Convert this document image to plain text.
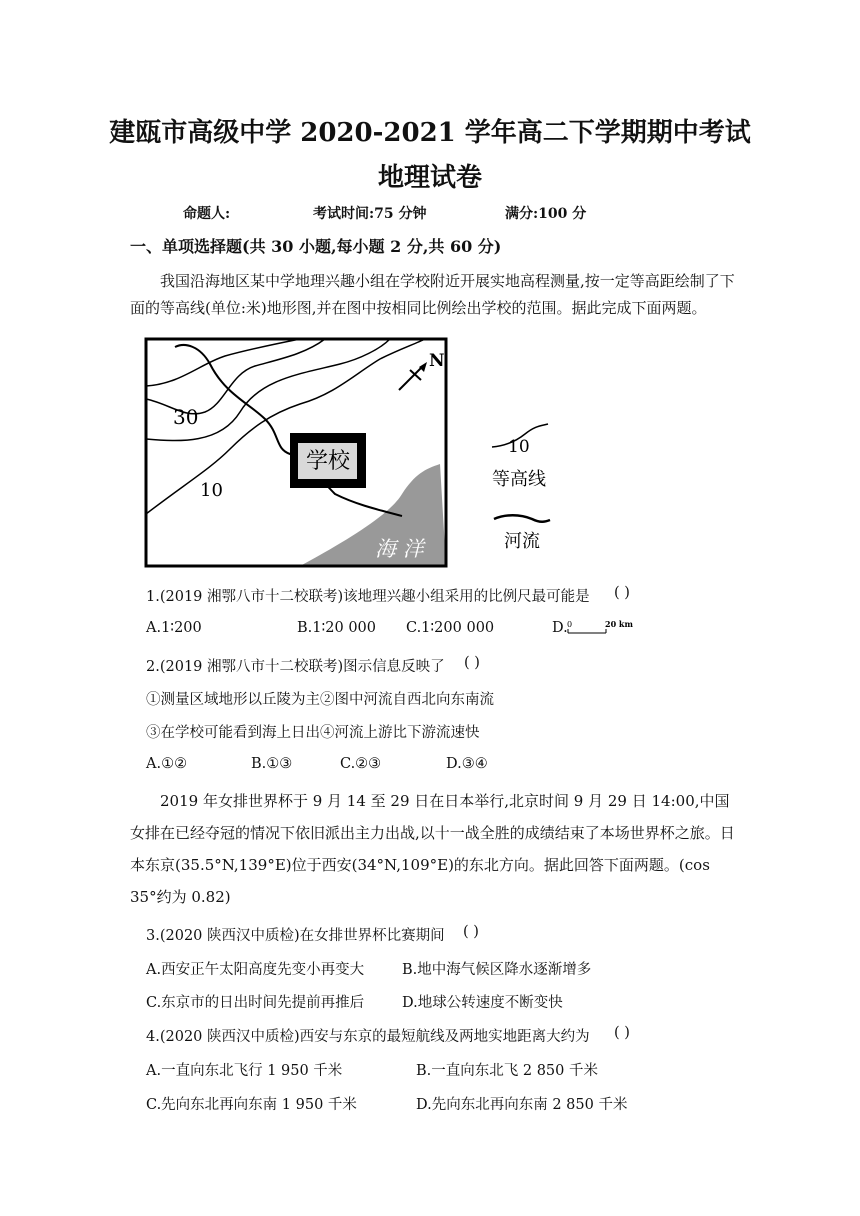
建瓯市高级中学 2020-2021 学年高二下学期期中考试
地理试卷
命题人:	考试时间:75 分钟	满分:100 分
一、单项选择题(共 30 小题,每小题 2 分,共 60 分)
我国沿海地区某中学地理兴趣小组在学校附近开展实地高程测量,按一定等高距绘制了下面的等高线(单位:米)地形图,并在图中按相同比例绘出学校的范围。据此完成下面两题。
学校
N
30
10
海 洋
10
等高线
河流
1.(2019 湘鄂八市十二校联考)该地理兴趣小组采用的比例尺最可能是 ( )
A.1∶200	B.1∶20 000 C.1∶200 000	D. 0	20 km
2.(2019 湘鄂八市十二校联考)图示信息反映了 ( )
①测量区域地形以丘陵为主②图中河流自西北向东南流
③在学校可能看到海上日出④河流上游比下游流速快
A.①②	B.①③	C.②③	D.③④
2019 年女排世界杯于 9 月 14 至 29 日在日本举行,北京时间 9 月 29 日 14:00,中国女排在已经夺冠的情况下依旧派出主力出战,以十一战全胜的成绩结束了本场世界杯之旅。日本东京(35.5°N,139°E)位于西安(34°N,109°E)的东北方向。据此回答下面两题。(cos 35°约为 0.82)
3.(2020 陕西汉中质检)在女排世界杯比赛期间 ( )
A.西安正午太阳高度先变小再变大	B.地中海气候区降水逐渐增多
C.东京市的日出时间先提前再推后	D.地球公转速度不断变快
4.(2020 陕西汉中质检)西安与东京的最短航线及两地实地距离大约为 ( )
A.一直向东北飞行 1 950 千米	B.一直向东北飞 2 850 千米
C.先向东北再向东南 1 950 千米	D.先向东北再向东南 2 850 千米
